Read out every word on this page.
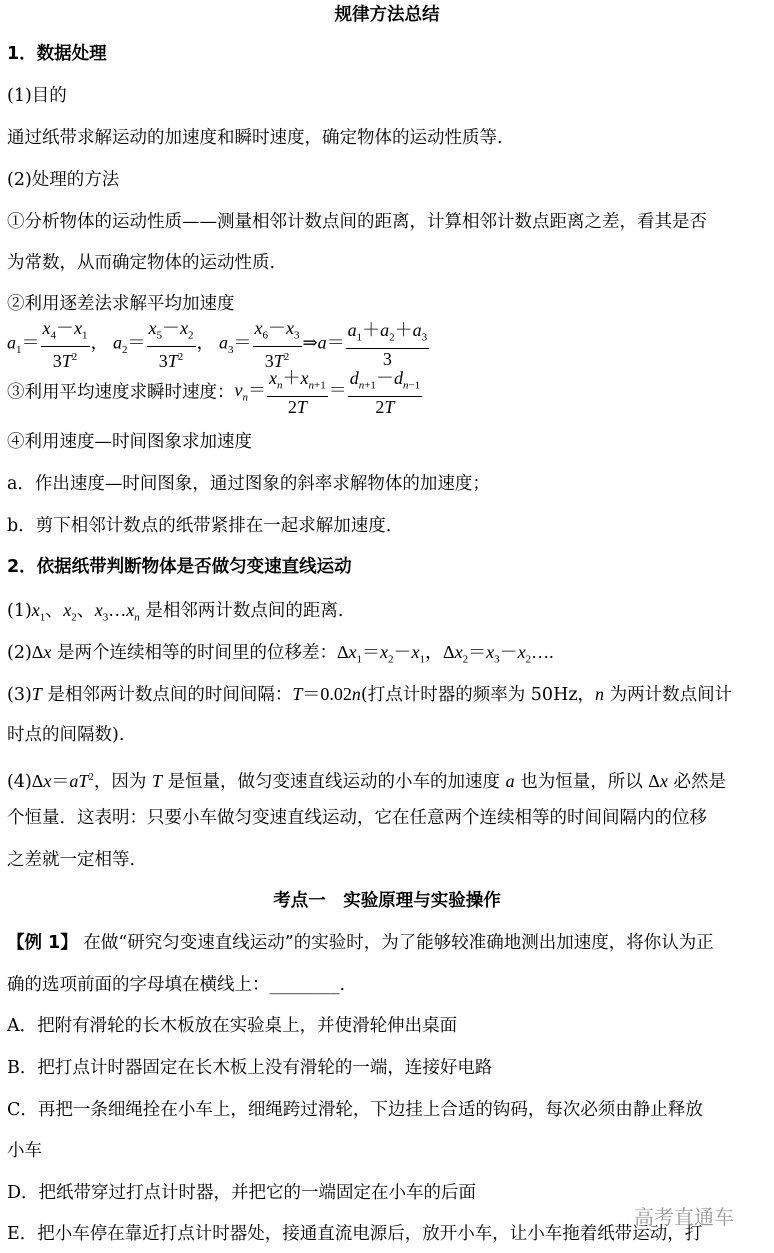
规律方法总结
1．数据处理
(1)目的
通过纸带求解运动的加速度和瞬时速度，确定物体的运动性质等.
(2)处理的方法
①分析物体的运动性质——测量相邻计数点间的距离，计算相邻计数点距离之差，看其是否
为常数，从而确定物体的运动性质.
②利用逐差法求解平均加速度
$a_1= \frac{x_4-x_1}{3T^2}$ ， $a_2= \frac{x_5-x_2}{3T^2}$ ， $a_3= \frac{x_6-x_3}{3T^2}$ ⇒a＝ $\frac{a_1+a_2+a_3}{3}$
③利用平均速度求瞬时速度：$v_n= \frac{x_n+x_{n+1}}{2T} = \frac{d_{n+1}-d_{n-1}}{2T}$
④利用速度—时间图象求加速度
a．作出速度—时间图象，通过图象的斜率求解物体的加速度；
b．剪下相邻计数点的纸带紧排在一起求解加速度.
2．依据纸带判断物体是否做匀变速直线运动
$(1)x_1$、$x_2$、$x_3\dots x_n$ 是相邻两计数点间的距离.
(2)Δx 是两个连续相等的时间里的位移差：$\Delta x_1=x_2-x_1$，$\Delta x_2=x_3-x_2\dots$.
(3)T 是相邻两计数点间的时间间隔：T＝0.02n(打点计时器的频率为 50Hz，n 为两计数点间计
时点的间隔数).
$(4)\Delta x=aT^2$，因为 T 是恒量，做匀变速直线运动的小车的加速度 a 也为恒量，所以 Δx 必然是
个恒量．这表明：只要小车做匀变速直线运动，它在任意两个连续相等的时间间隔内的位移
之差就一定相等.
考点一　实验原理与实验操作
【例 1】 在做“研究匀变速直线运动”的实验时，为了能够较准确地测出加速度，将你认为正
确的选项前面的字母填在横线上：________.
A．把附有滑轮的长木板放在实验桌上，并使滑轮伸出桌面
B．把打点计时器固定在长木板上没有滑轮的一端，连接好电路
C．再把一条细绳拴在小车上，细绳跨过滑轮，下边挂上合适的钩码，每次必须由静止释放
小车
D．把纸带穿过打点计时器，并把它的一端固定在小车的后面
E．把小车停在靠近打点计时器处，接通直流电源后，放开小车，让小车拖着纸带运动，打
高考直通车
